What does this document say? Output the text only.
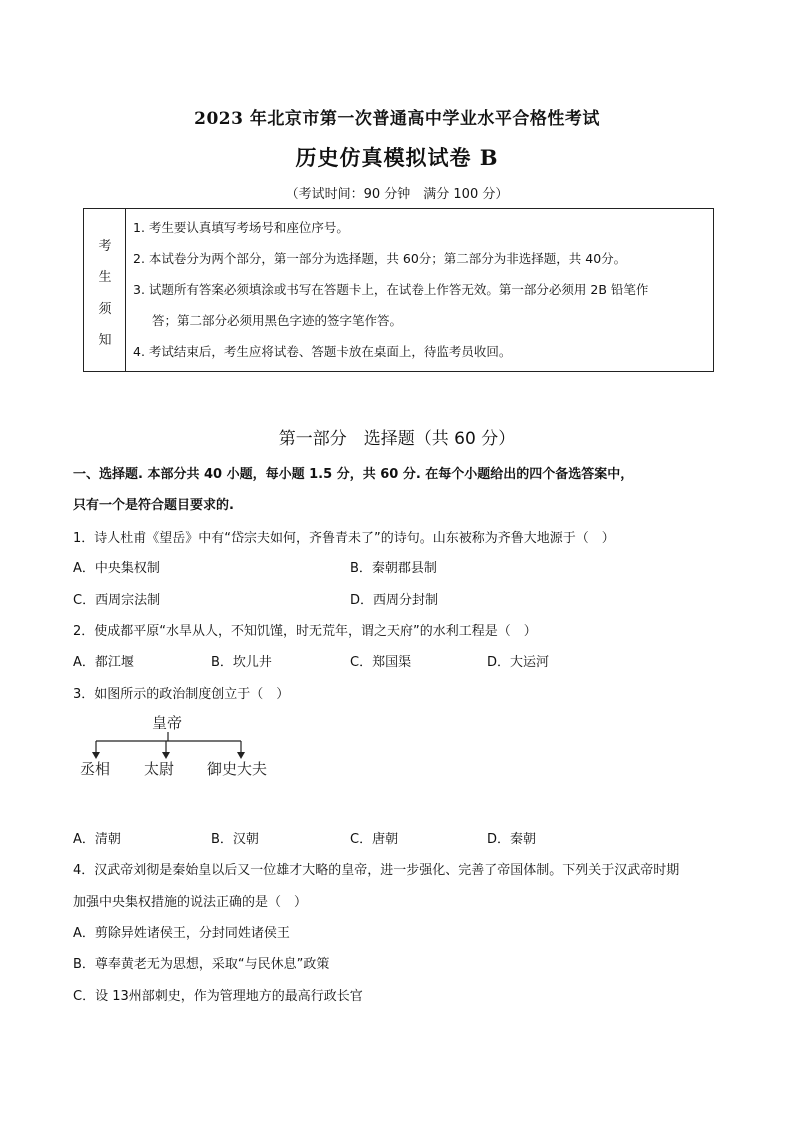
2023 年北京市第一次普通高中学业水平合格性考试
历史仿真模拟试卷 B
（考试时间：90 分钟　满分 100 分）
考
生
须
知
1. 考生要认真填写考场号和座位序号。
2. 本试卷分为两个部分，第一部分为选择题，共 60分；第二部分为非选择题，共 40分。
3. 试题所有答案必须填涂或书写在答题卡上，在试卷上作答无效。第一部分必须用 2B 铅笔作
答；第二部分必须用黑色字迹的签字笔作答。
4. 考试结束后，考生应将试卷、答题卡放在桌面上，待监考员收回。
第一部分　选择题（共 60 分）
一、选择题. 本部分共 40 小题，每小题 1.5 分，共 60 分. 在每个小题给出的四个备选答案中，
只有一个是符合题目要求的.
1．诗人杜甫《望岳》中有“岱宗夫如何，齐鲁青未了”的诗句。山东被称为齐鲁大地源于（　）
A．中央集权制	B．秦朝郡县制
C．西周宗法制	D．西周分封制
2．使成都平原“水旱从人，不知饥馑，时无荒年，谓之天府”的水利工程是（　）
A．都江堰	B．坎儿井	C．郑国渠	D．大运河
3．如图所示的政治制度创立于（　）
皇帝
丞相 太尉 御史大夫
A．清朝	B．汉朝	C．唐朝	D．秦朝
4．汉武帝刘彻是秦始皇以后又一位雄才大略的皇帝，进一步强化、完善了帝国体制。下列关于汉武帝时期
加强中央集权措施的说法正确的是（　）
A．剪除异姓诸侯王，分封同姓诸侯王
B．尊奉黄老无为思想，采取“与民休息”政策
C．设 13州部刺史，作为管理地方的最高行政长官
